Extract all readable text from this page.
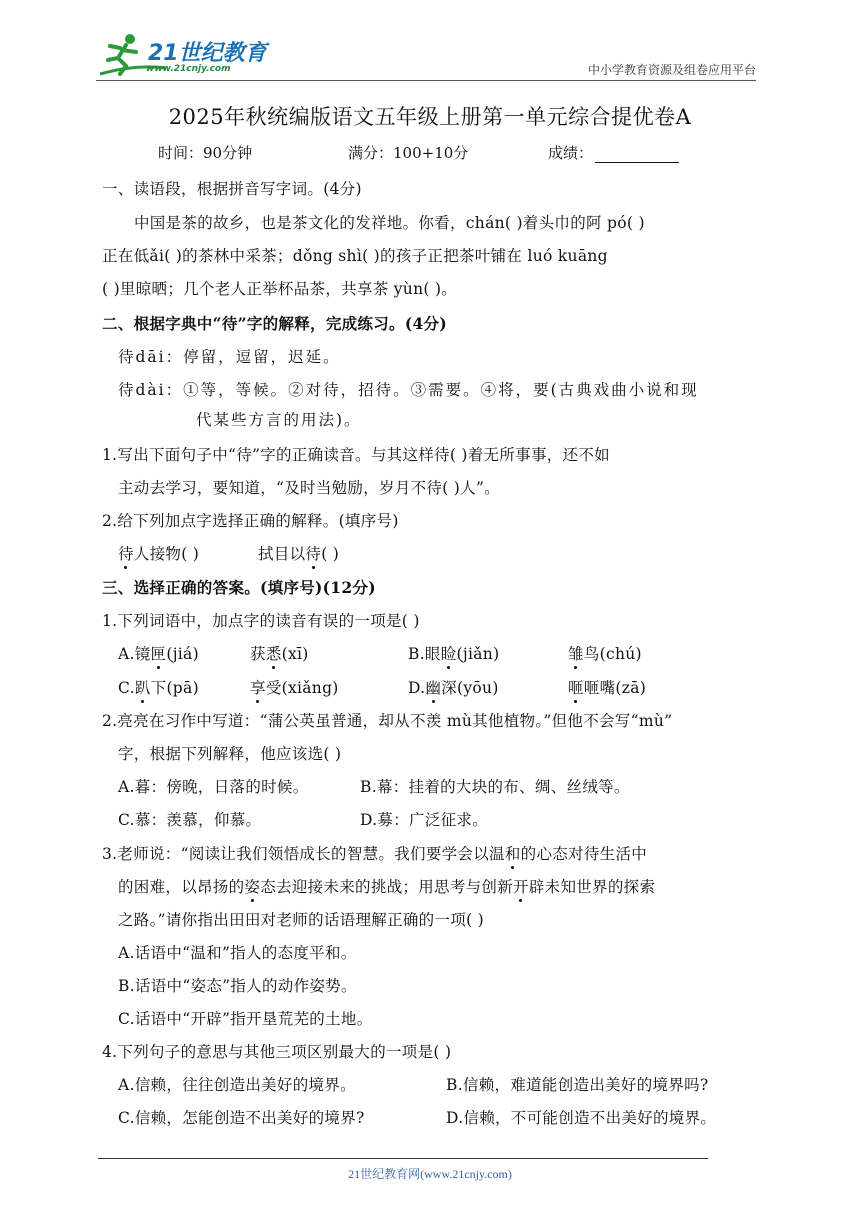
21世纪教育
www.21cnjy.com	中小学教育资源及组卷应用平台
2025年秋统编版语文五年级上册第一单元综合提优卷A
时间：90分钟	满分：100+10分	成绩：
一、读语段，根据拼音写字词。(4分)
中国是茶的故乡，也是茶文化的发祥地。你看，chán( )着头巾的阿 pó( )
正在低ǎi( )的茶林中采茶；dǒng shì( )的孩子正把茶叶铺在 luó kuāng
( )里晾晒；几个老人正举杯品茶，共享茶 yùn( )。
二、根据字典中“待”字的解释，完成练习。(4分)
待dāi：停留，逗留，迟延。
待dài：①等，等候。②对待，招待。③需要。④将，要(古典戏曲小说和现
代某些方言的用法)。
1.写出下面句子中“待”字的正确读音。与其这样待( )着无所事事，还不如
主动去学习，要知道，“及时当勉励，岁月不待( )人”。
2.给下列加点字选择正确的解释。(填序号)
待人接物( )	拭目以待( )
三、选择正确的答案。(填序号)(12分)
1.下列词语中，加点字的读音有误的一项是( )
A.镜匣(jiá)	获悉(xī)	B.眼睑(jiǎn)	雏鸟(chú)
C.趴下(pā)	享受(xiǎng)	D.幽深(yōu)	咂咂嘴(zā)
2.亮亮在习作中写道：“蒲公英虽普通，却从不羡 mù其他植物。”但他不会写“mù”
字，根据下列解释，他应该选( )
A.暮：傍晚，日落的时候。	B.幕：挂着的大块的布、绸、丝绒等。
C.慕：羡慕，仰慕。	D.募：广泛征求。
3.老师说：“阅读让我们领悟成长的智慧。我们要学会以温和的心态对待生活中
的困难，以昂扬的姿态去迎接未来的挑战；用思考与创新开辟未知世界的探索
之路。”请你指出田田对老师的话语理解正确的一项( )
A.话语中“温和”指人的态度平和。
B.话语中“姿态”指人的动作姿势。
C.话语中“开辟”指开垦荒芜的土地。
4.下列句子的意思与其他三项区别最大的一项是( )
A.信赖，往往创造出美好的境界。	B.信赖，难道能创造出美好的境界吗?
C.信赖，怎能创造不出美好的境界?	D.信赖，不可能创造不出美好的境界。
21世纪教育网(www.21cnjy.com)
